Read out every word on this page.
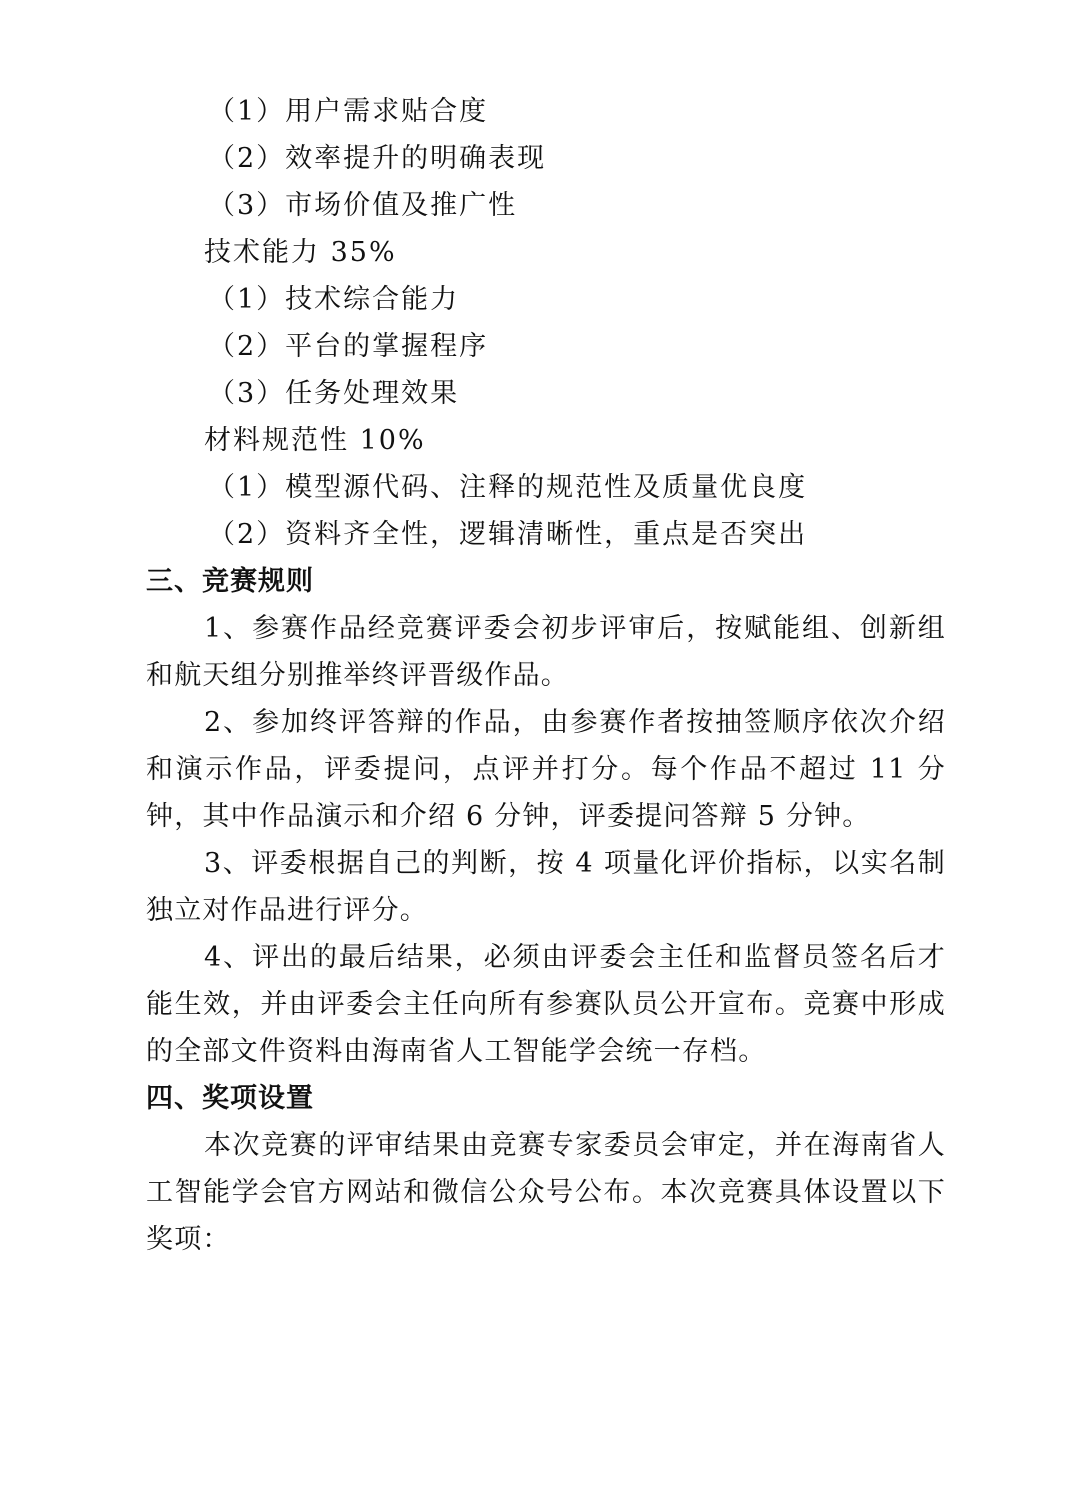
（1）用户需求贴合度
（2）效率提升的明确表现
（3）市场价值及推广性
技术能力 35%
（1）技术综合能力
（2）平台的掌握程序
（3）任务处理效果
材料规范性 10%
（1）模型源代码、注释的规范性及质量优良度
（2）资料齐全性，逻辑清晰性，重点是否突出
三、竞赛规则
1、参赛作品经竞赛评委会初步评审后，按赋能组、创新组和航天组分别推举终评晋级作品。
2、参加终评答辩的作品，由参赛作者按抽签顺序依次介绍和演示作品，评委提问，点评并打分。每个作品不超过 11 分钟，其中作品演示和介绍 6 分钟，评委提问答辩 5 分钟。
3、评委根据自己的判断，按 4 项量化评价指标，以实名制独立对作品进行评分。
4、评出的最后结果，必须由评委会主任和监督员签名后才能生效，并由评委会主任向所有参赛队员公开宣布。竞赛中形成的全部文件资料由海南省人工智能学会统一存档。
四、奖项设置
本次竞赛的评审结果由竞赛专家委员会审定，并在海南省人工智能学会官方网站和微信公众号公布。本次竞赛具体设置以下奖项：
